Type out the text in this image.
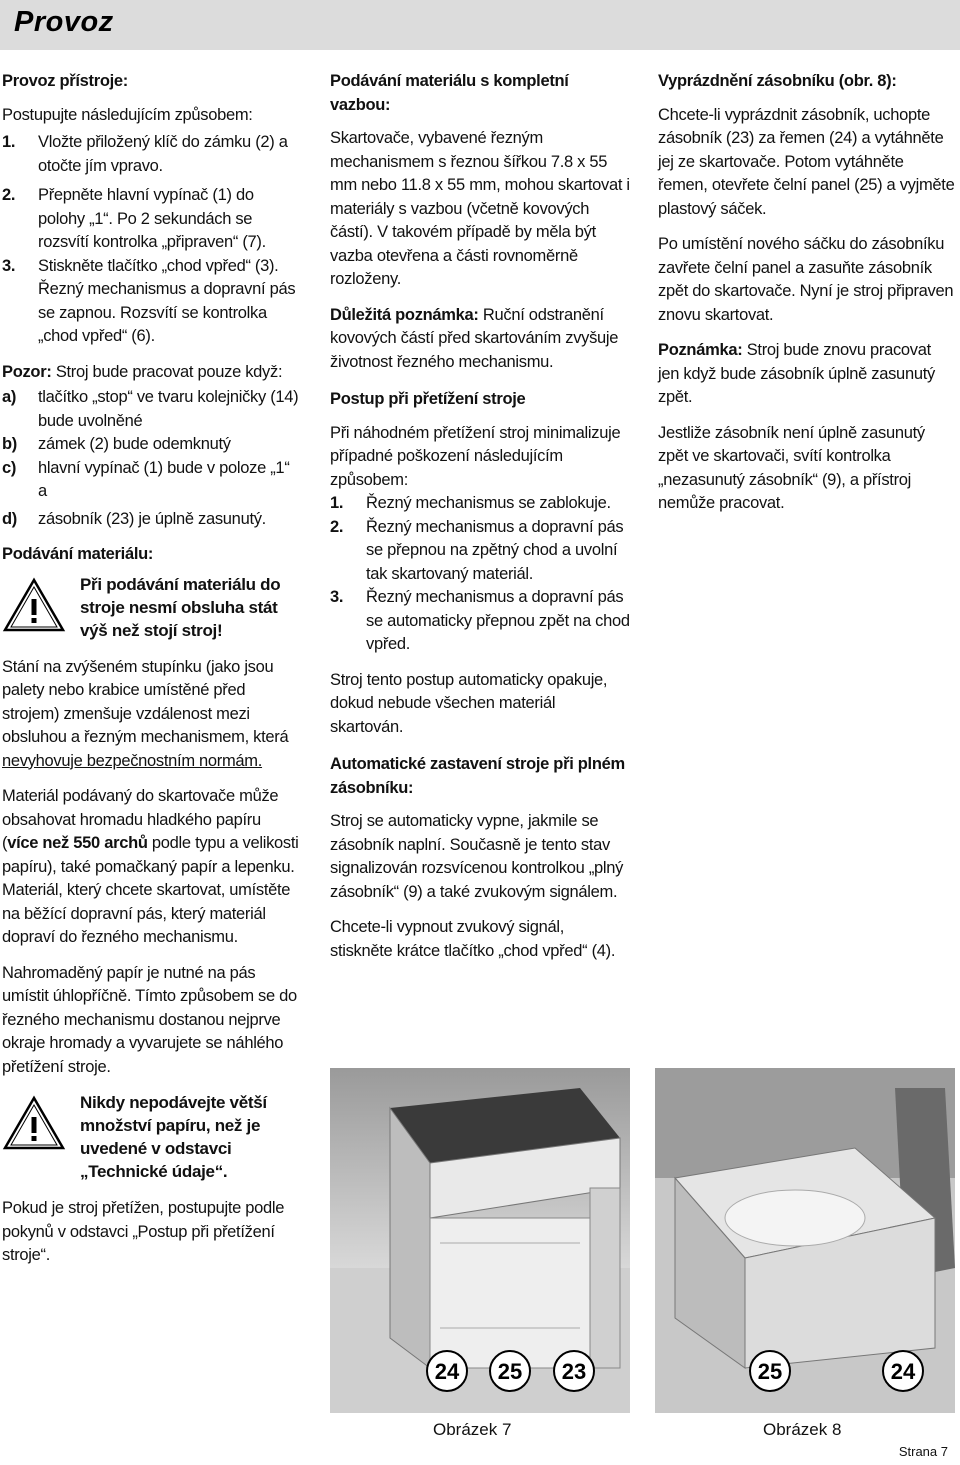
Provoz
Provoz přístroje:

Postupujte následujícím způsobem:

1.	Vložte přiložený klíč do zámku (2) a otočte jím vpravo.
2.	Přepněte hlavní vypínač (1) do polohy „1“. Po 2 sekundách se rozsvítí kontrolka „připraven“ (7).
3.	Stiskněte tlačítko „chod vpřed“ (3). Řezný mechanismus a dopravní pás se zapnou. Rozsvítí se kontrolka „chod vpřed“ (6).

Pozor: Stroj bude pracovat pouze když:

a)	tlačítko „stop“ ve tvaru kolejničky (14) bude uvolněné
b)	zámek (2) bude odemknutý
c)	hlavní vypínač (1) bude v poloze „1“ a
d)	zásobník (23) je úplně zasunutý.
Podávání materiálu:
Při podávání materiálu do stroje nesmí obsluha stát výš než stojí stroj!

Stání na zvýšeném stupínku (jako jsou palety nebo krabice umístěné před strojem) zmenšuje vzdálenost mezi obsluhou a řezným mechanismem, která nevyhovuje bezpečnostním normám.

Materiál podávaný do skartovače může obsahovat hromadu hladkého papíru (více než 550 archů podle typu a velikosti papíru), také pomačkaný papír a lepenku. Materiál, který chcete skartovat, umístěte na běžící dopravní pás, který materiál dopraví do řezného mechanismu.

Nahromaděný papír je nutné na pás umístit úhlopříčně. Tímto způsobem se do řezného mechanismu dostanou nejprve okraje hromady a vyvarujete se náhlého přetížení stroje.

Nikdy nepodávejte větší množství papíru, než je uvedené v odstavci „Technické údaje“.

Pokud je stroj přetížen, postupujte podle pokynů v odstavci „Postup při přetížení stroje“.

Podávání materiálu s kompletní vazbou:

Skartovače, vybavené řezným mechanismem s řeznou šířkou 7.8 x 55 mm nebo 11.8 x 55 mm, mohou skartovat i materiály s vazbou (včetně kovových částí). V takovém případě by měla být vazba otevřena a části rovnoměrně rozloženy.

Důležitá poznámka: Ruční odstranění kovových částí před skartováním zvyšuje životnost řezného mechanismu.

Postup při přetížení stroje

Při náhodném přetížení stroj minimalizuje případné poškození následujícím způsobem:

1.	Řezný mechanismus se zablokuje.
2.	Řezný mechanismus a dopravní pás se přepnou na zpětný chod a uvolní tak skartovaný materiál.
3.	Řezný mechanismus a dopravní pás se automaticky přepnou zpět na chod vpřed.

Stroj tento postup automaticky opakuje, dokud nebude všechen materiál skartován.

Automatické zastavení stroje při plném zásobníku:

Stroj se automaticky vypne, jakmile se zásobník naplní. Současně je tento stav signalizován rozsvícenou kontrolkou „plný zásobník“ (9) a také zvukovým signálem.

Chcete-li vypnout zvukový signál, stiskněte krátce tlačítko „chod vpřed“ (4).

Vyprázdnění zásobníku (obr. 8):

Chcete-li vyprázdnit zásobník, uchopte zásobník (23) za řemen (24) a vytáhněte jej ze skartovače. Potom vytáhněte řemen, otevřete čelní panel (25) a vyjměte plastový sáček.

Po umístění nového sáčku do zásobníku zavřete čelní panel a zasuňte zásobník zpět do skartovače. Nyní je stroj připraven znovu skartovat.

Poznámka: Stroj bude znovu pracovat jen když bude zásobník úplně zasunutý zpět.

Jestliže zásobník není úplně zasunutý zpět ve skartovači, svítí kontrolka „nezasunutý zásobník“ (9), a přístroj nemůže pracovat.

24 25 23	25	24
Obrázek 7	Obrázek 8
Strana 7
